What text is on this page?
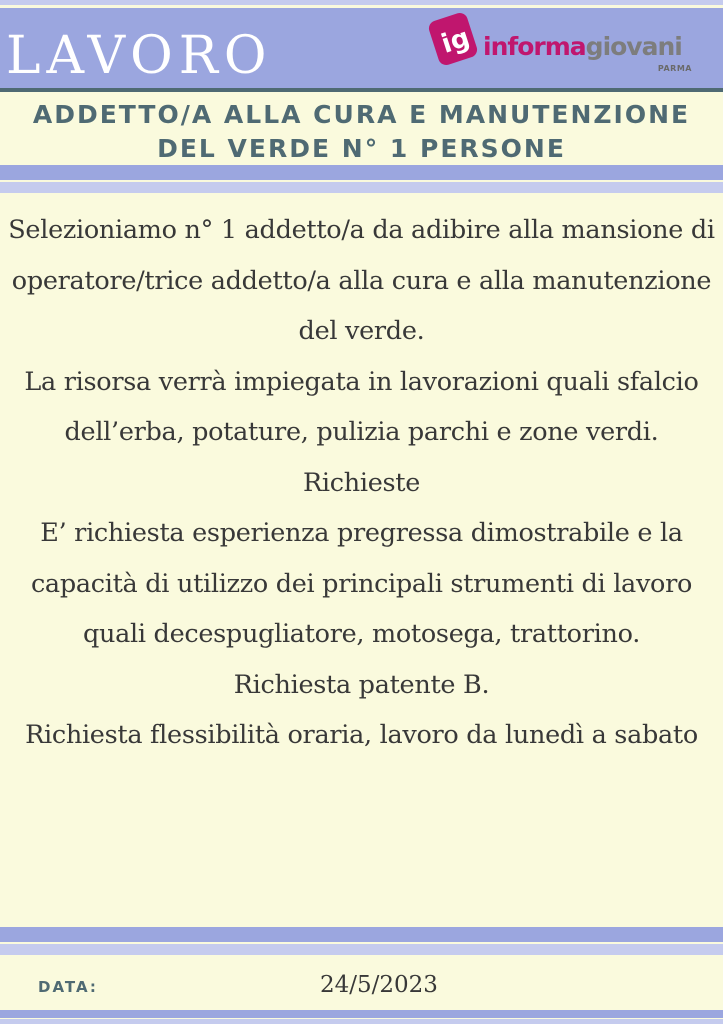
LAVORO	ig informagiovani
PARMA
ADDETTO/A ALLA CURA E MANUTENZIONE DEL VERDE N° 1 PERSONE

Selezioniamo n° 1 addetto/a da adibire alla mansione di operatore/trice addetto/a alla cura e alla manutenzione del verde.

La risorsa verrà impiegata in lavorazioni quali sfalcio dell’erba, potature, pulizia parchi e zone verdi.

Richieste

E’ richiesta esperienza pregressa dimostrabile e la capacità di utilizzo dei principali strumenti di lavoro quali decespugliatore, motosega, trattorino.

Richiesta patente B.

Richiesta flessibilità oraria, lavoro da lunedì a sabato

DATA:	24/5/2023
